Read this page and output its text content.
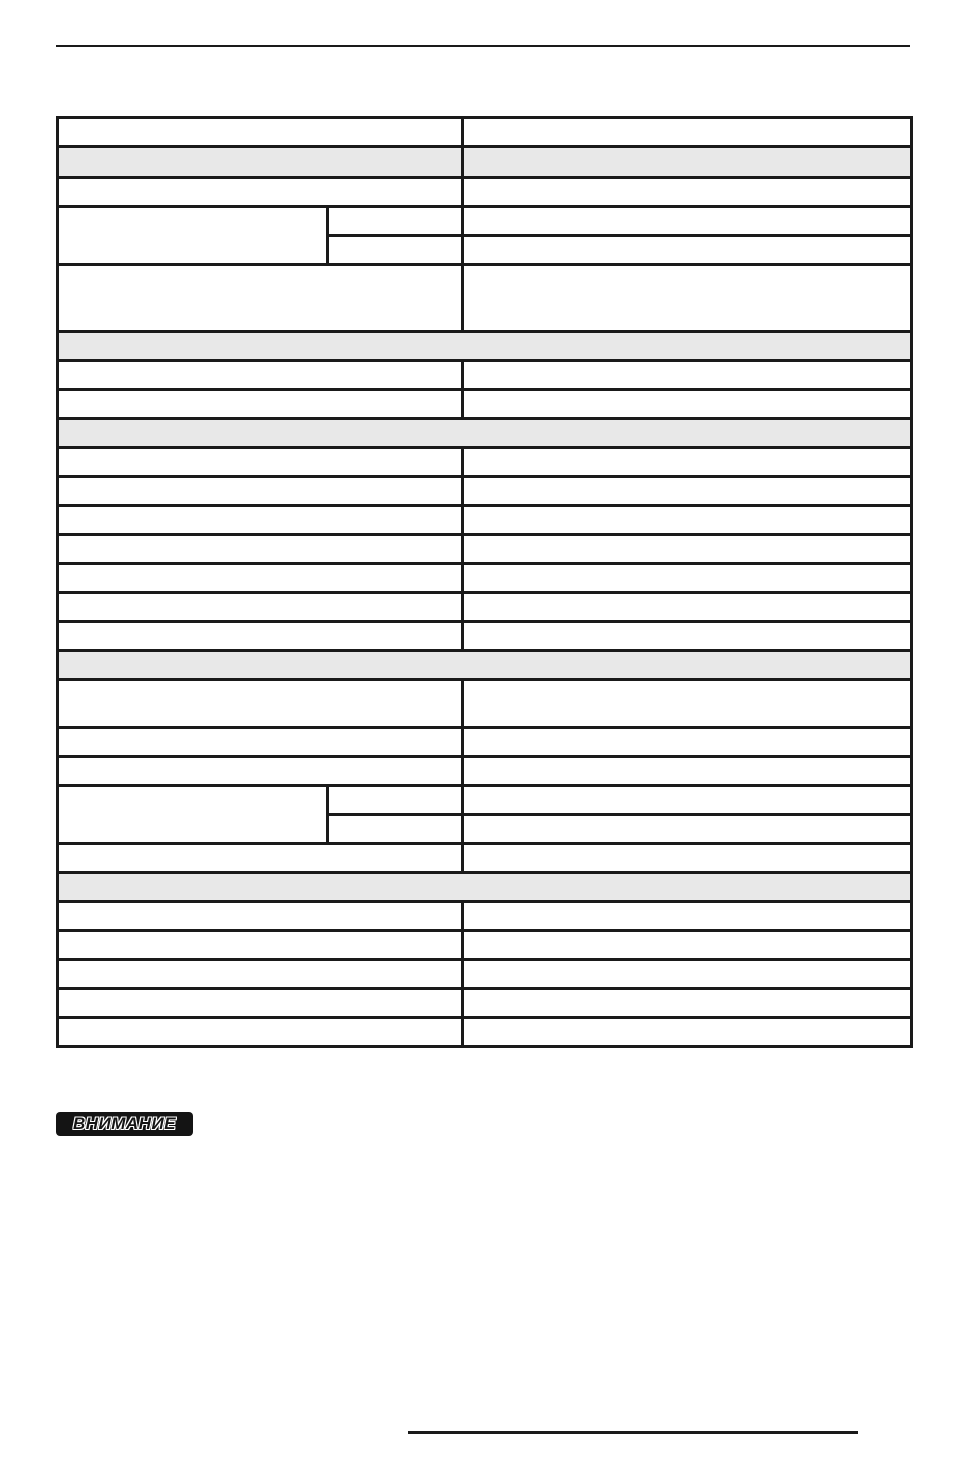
ВНИМАНИЕ
